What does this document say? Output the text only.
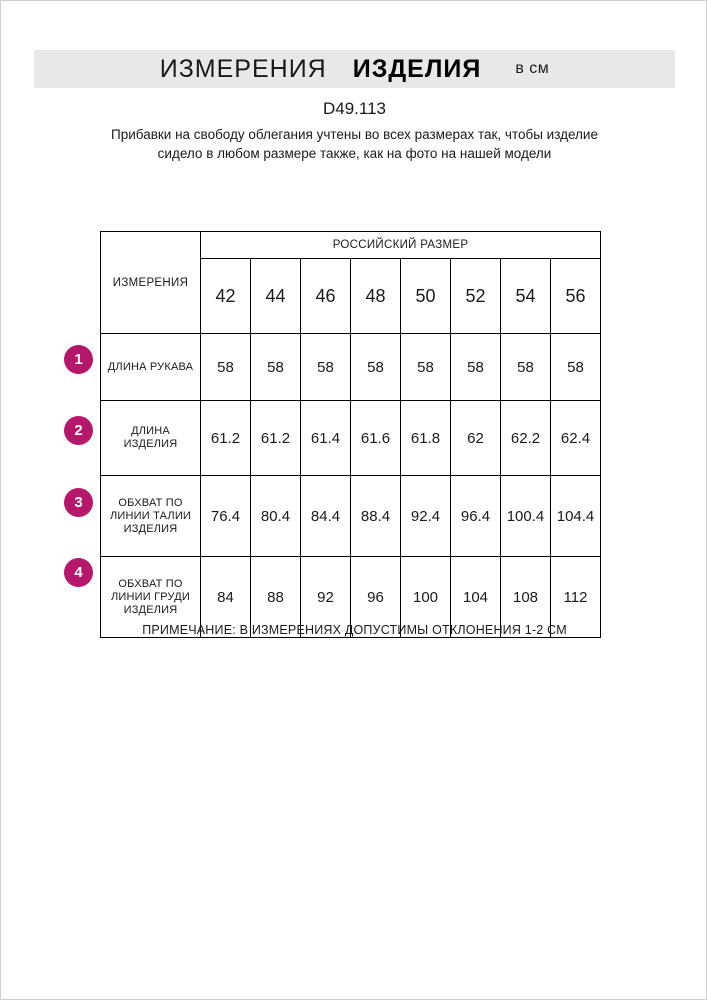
ИЗМЕРЕНИЯ ИЗДЕЛИЯ в см
D49.113
Прибавки на свободу облегания учтены во всех размерах так, чтобы изделие сидело в любом размере также, как на фото на нашей модели
1
2
3
4
ИЗМЕРЕНИЯ	РОССИЙСКИЙ РАЗМЕР							
	42	44	46	48	50	52	54	56
ДЛИНА РУКАВА	58	58	58	58	58	58	58	58
ДЛИНА ИЗДЕЛИЯ	61.2	61.2	61.4	61.6	61.8	62	62.2	62.4
ОБХВАТ ПО ЛИНИИ ТАЛИИ ИЗДЕЛИЯ	76.4	80.4	84.4	88.4	92.4	96.4	100.4	104.4
ОБХВАТ ПО ЛИНИИ ГРУДИ ИЗДЕЛИЯ	84	88	92	96	100	104	108	112
ПРИМЕЧАНИЕ: В ИЗМЕРЕНИЯХ ДОПУСТИМЫ ОТКЛОНЕНИЯ 1-2 СМ
